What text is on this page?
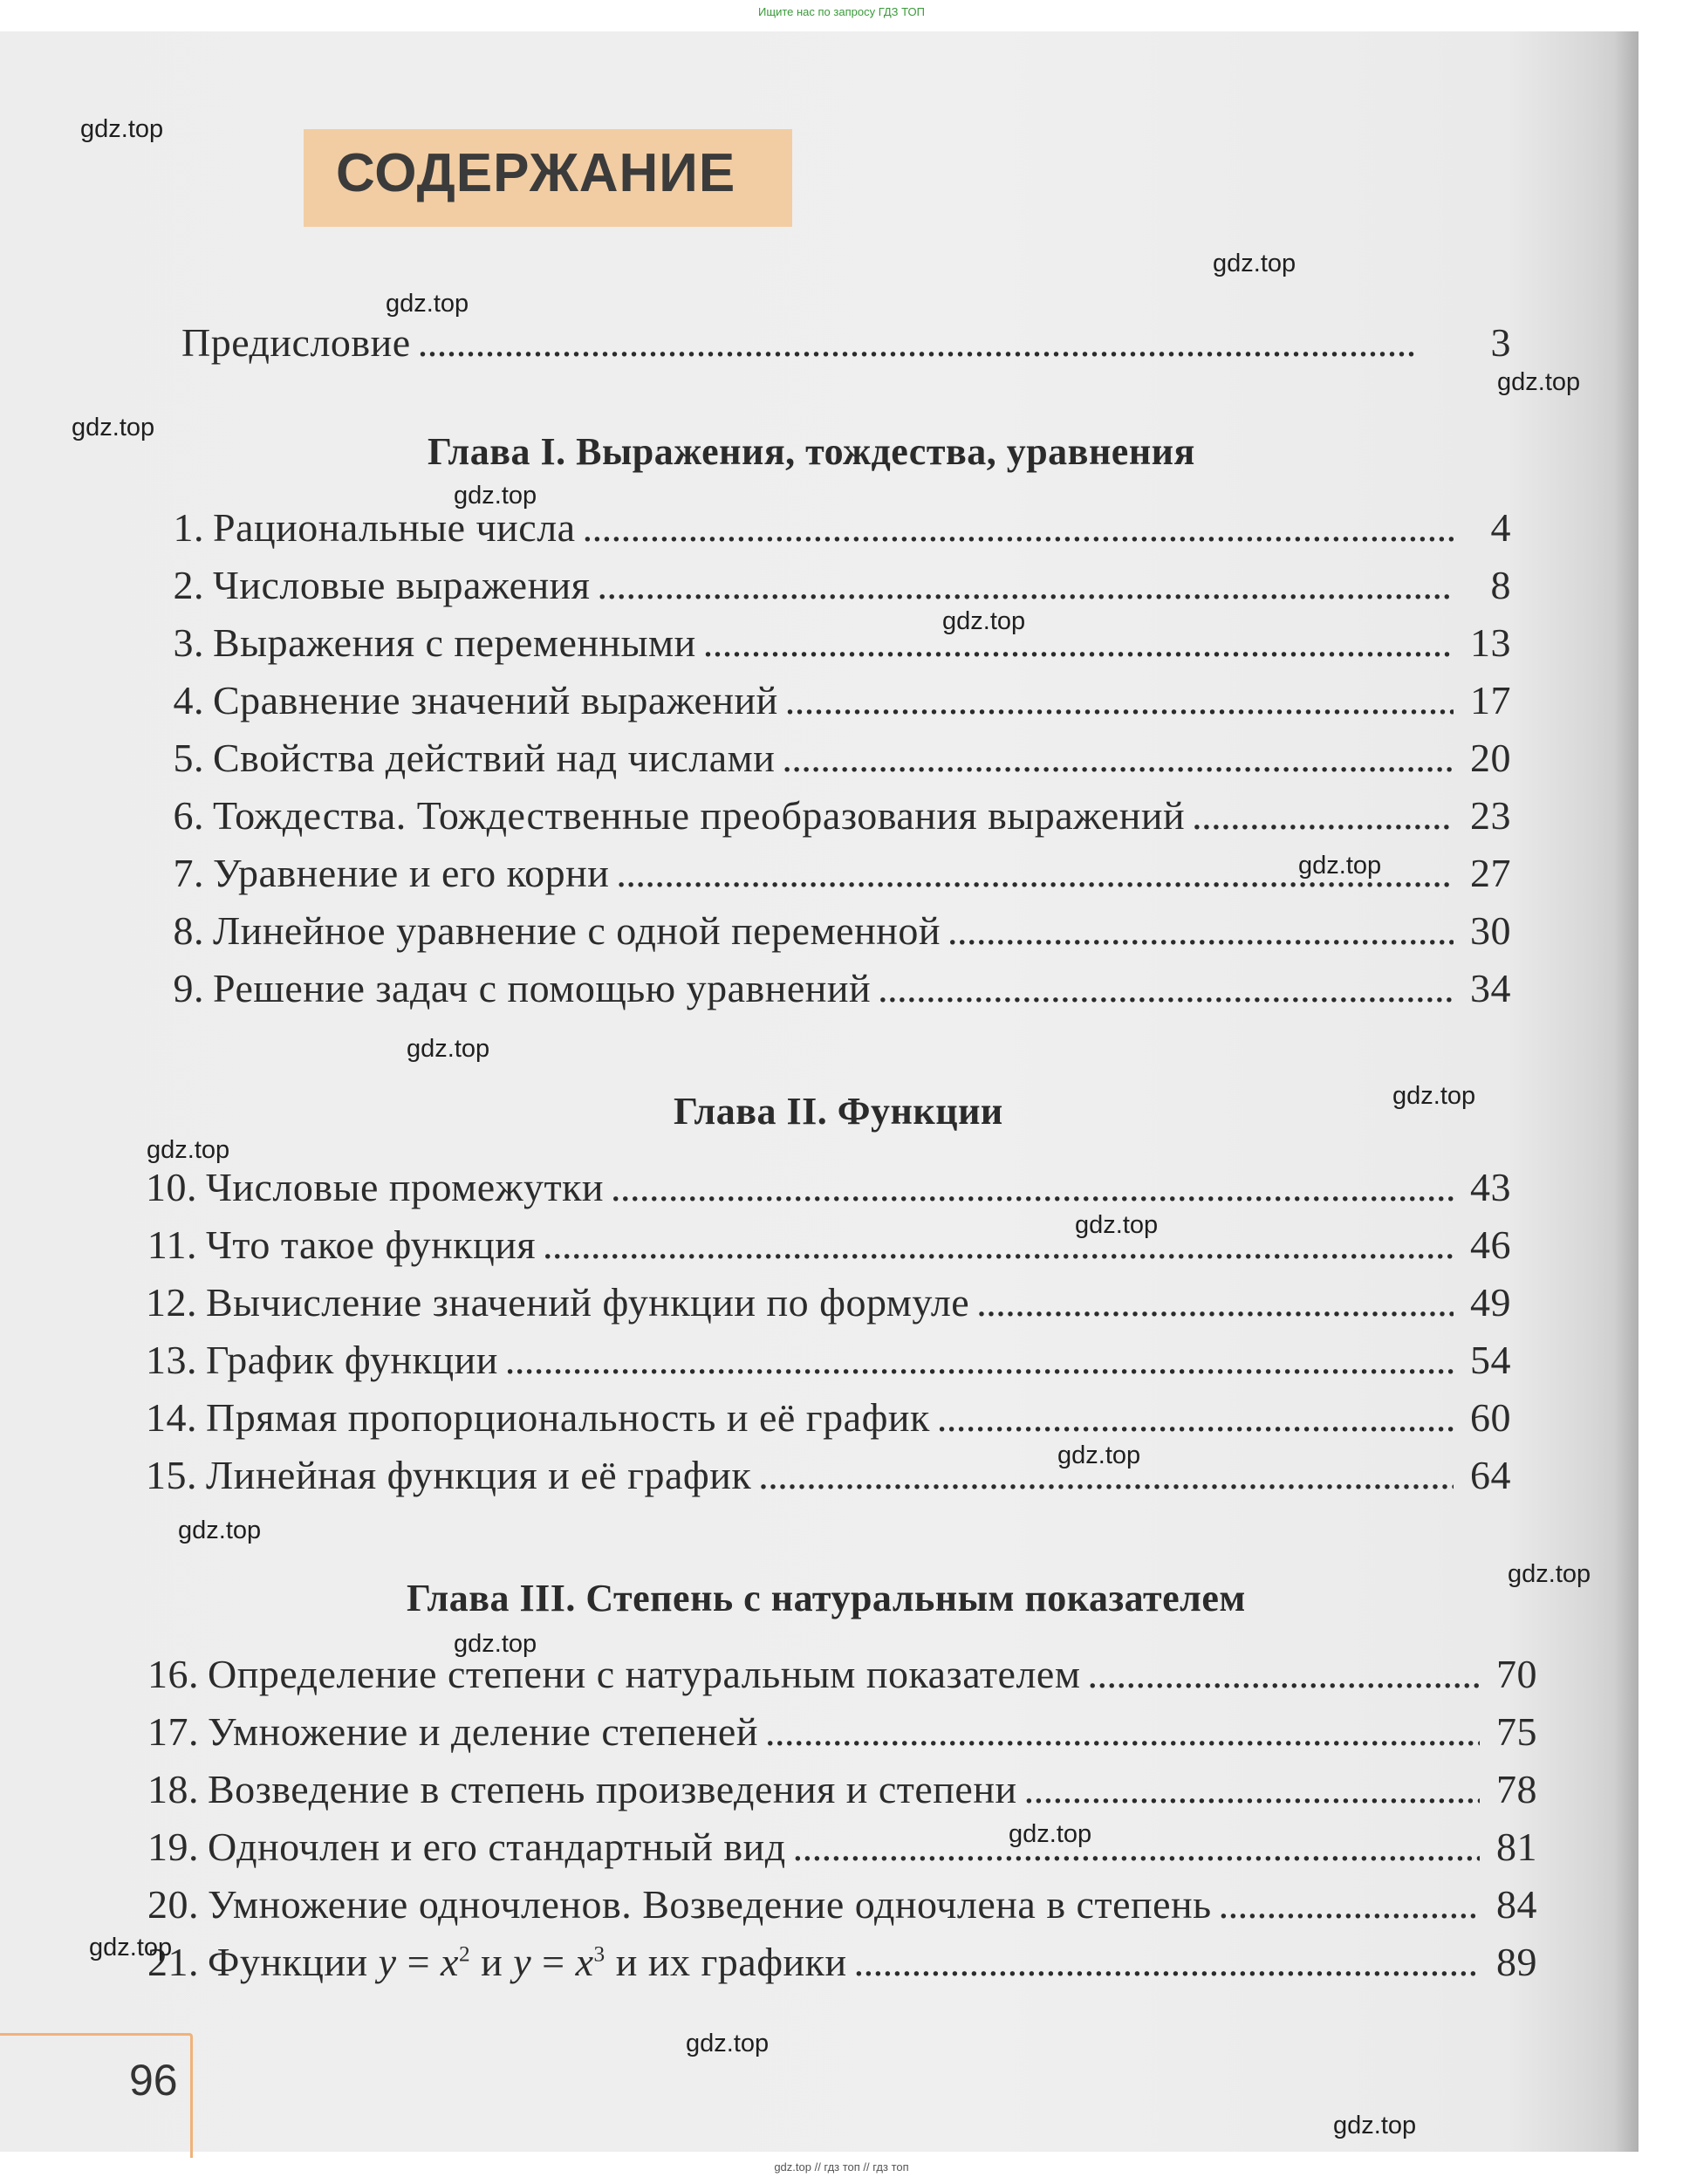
Ищите нас по запросу ГДЗ ТОП
СОДЕРЖАНИЕ
Предисловие . . .	3
Глава I. Выражения, тождества, уравнения
1. Рациональные числа . . .	4
2. Числовые выражения . . .	8
3. Выражения с переменными . . .	13
4. Сравнение значений выражений . . .	17
5. Свойства действий над числами . . .	20
6. Тождества. Тождественные преобразования выражений . . .	23
7. Уравнение и его корни . . .	27
8. Линейное уравнение с одной переменной . . .	30
9. Решение задач с помощью уравнений . . .	34
Глава II. Функции
10. Числовые промежутки . . .	43
11. Что такое функция . . .	46
12. Вычисление значений функции по формуле . . .	49
13. График функции . . .	54
14. Прямая пропорциональность и её график . . .	60
15. Линейная функция и её график . . .	64
Глава III. Степень с натуральным показателем
16. Определение степени с натуральным показателем . . .	70
17. Умножение и деление степеней . . .	75
18. Возведение в степень произведения и степени . . .	78
19. Одночлен и его стандартный вид . . .	81
20. Умножение одночленов. Возведение одночлена в степень . . .	84
21. Функции $y = x^2$ и $y = x^3$ и их графики . . .	89
96
gdz.top
gdz.top
gdz.top
gdz.top
gdz.top
gdz.top
gdz.top
gdz.top
gdz.top
gdz.top
gdz.top
gdz.top
gdz.top
gdz.top
gdz.top
gdz.top
gdz.top
gdz.top
gdz.top
gdz.top
gdz.top // гдз топ // гдз топ
